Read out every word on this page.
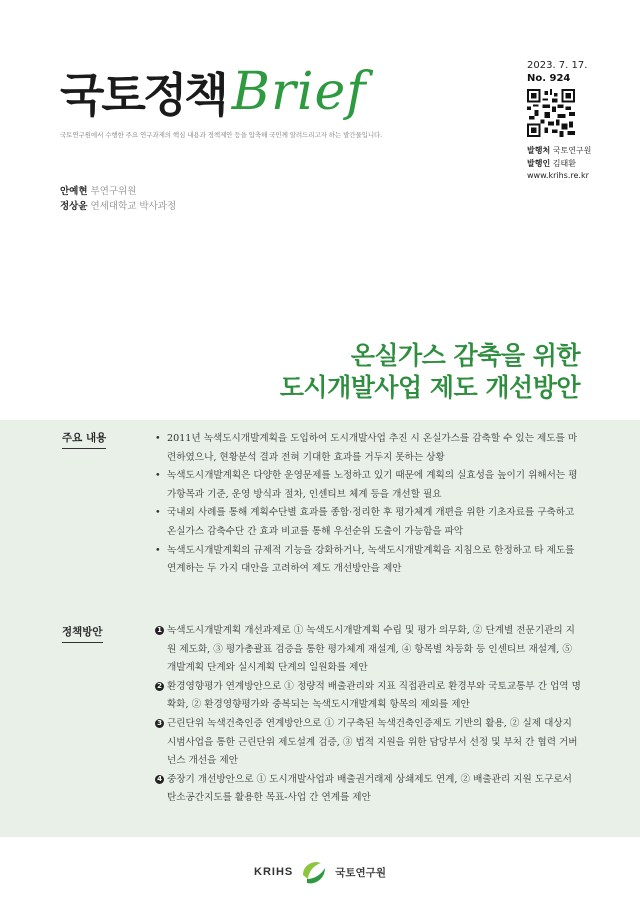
국토정책 Brief
국토연구원에서 수행한 주요 연구과제의 핵심 내용과 정책제안 등을 압축해 국민께 알려드리고자 하는 발간물입니다.
2023. 7. 17.
No. 924
발행처 국토연구원
발행인 김태환
www.krihs.re.kr
안예현 부연구위원
정상윤 연세대학교 박사과정
온실가스 감축을 위한
도시개발사업 제도 개선방안
주요 내용	• 2011년 녹색도시개발계획을 도입하여 도시개발사업 추진 시 온실가스를 감축할 수 있는 제도를 마련하였으나, 현황분석 결과 전혀 기대한 효과를 거두지 못하는 상황
• 녹색도시개발계획은 다양한 운영문제를 노정하고 있기 때문에 계획의 실효성을 높이기 위해서는 평가항목과 기준, 운영 방식과 절차, 인센티브 체계 등을 개선할 필요
• 국내외 사례를 통해 계획수단별 효과를 종합·정리한 후 평가체계 개편을 위한 기초자료를 구축하고 온실가스 감축수단 간 효과 비교를 통해 우선순위 도출이 가능함을 파악
• 녹색도시개발계획의 규제적 기능을 강화하거나, 녹색도시개발계획을 지침으로 한정하고 타 제도를 연계하는 두 가지 대안을 고려하여 제도 개선방안을 제안
정책방안	1 녹색도시개발계획 개선과제로 ① 녹색도시개발계획 수립 및 평가 의무화, ② 단계별 전문기관의 지원 제도화, ③ 평가총괄표 검증을 통한 평가체계 재설계, ④ 항목별 차등화 등 인센티브 재설계, ⑤ 개발계획 단계와 실시계획 단계의 일원화를 제안
2 환경영향평가 연계방안으로 ① 정량적 배출관리와 지표 직접관리로 환경부와 국토교통부 간 업역 명확화, ② 환경영향평가와 중복되는 녹색도시개발계획 항목의 제외를 제안
3 근린단위 녹색건축인증 연계방안으로 ① 기구축된 녹색건축인증제도 기반의 활용, ② 실제 대상지 시범사업을 통한 근린단위 제도설계 검증, ③ 법적 지원을 위한 담당부서 선정 및 부처 간 협력 거버넌스 개선을 제안
4 중장기 개선방안으로 ① 도시개발사업과 배출권거래제 상쇄제도 연계, ② 배출관리 지원 도구로서 탄소공간지도를 활용한 목표-사업 간 연계를 제안
KRIHS	국토연구원
